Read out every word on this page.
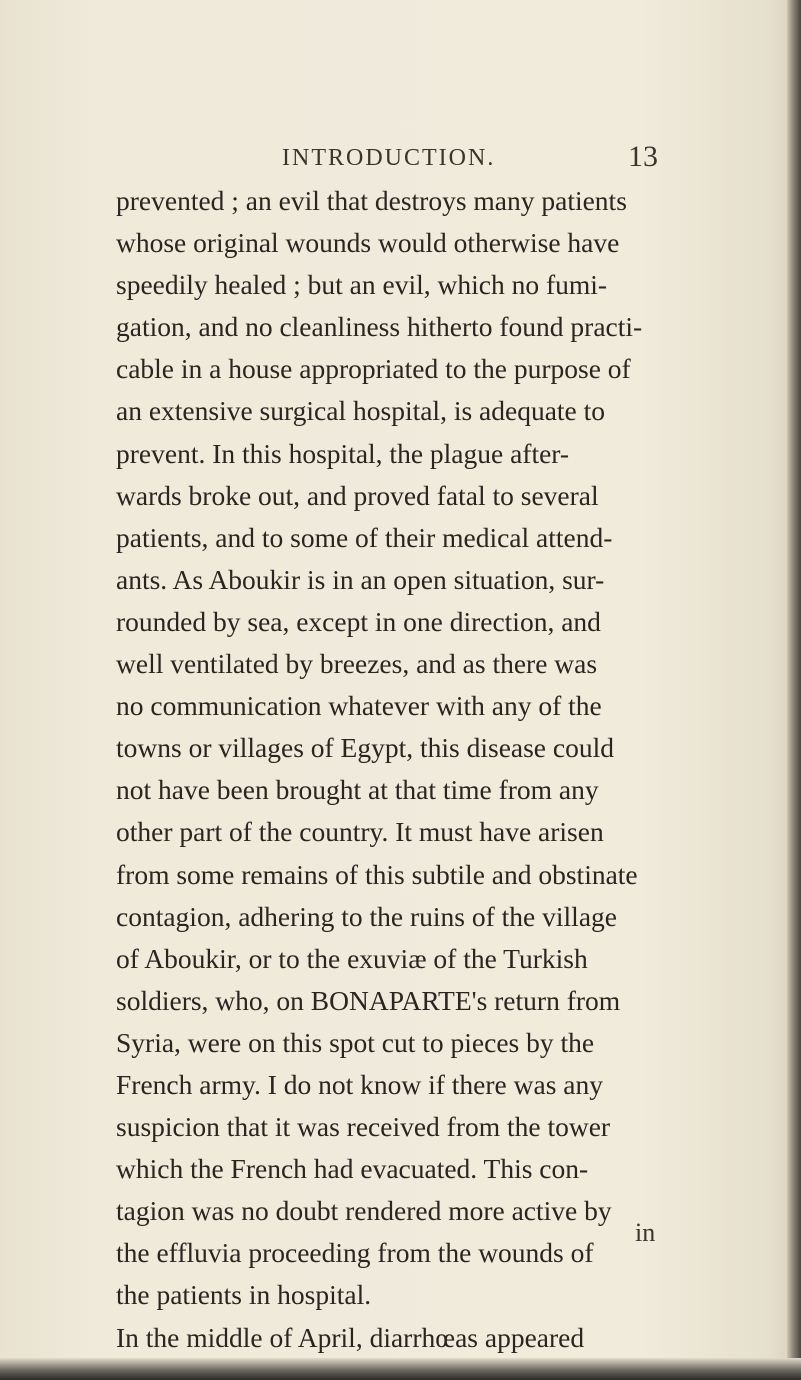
INTRODUCTION.	13
prevented ; an evil that destroys many patients
whose original wounds would otherwise have
speedily healed ; but an evil, which no fumi-
gation, and no cleanliness hitherto found practi-
cable in a house appropriated to the purpose of
an extensive surgical hospital, is adequate to
prevent. In this hospital, the plague after-
wards broke out, and proved fatal to several
patients, and to some of their medical attend-
ants. As Aboukir is in an open situation, sur-
rounded by sea, except in one direction, and
well ventilated by breezes, and as there was
no communication whatever with any of the
towns or villages of Egypt, this disease could
not have been brought at that time from any
other part of the country. It must have arisen
from some remains of this subtile and obstinate
contagion, adhering to the ruins of the village
of Aboukir, or to the exuviæ of the Turkish
soldiers, who, on BONAPARTE's return from
Syria, were on this spot cut to pieces by the
French army. I do not know if there was any
suspicion that it was received from the tower
which the French had evacuated. This con-
tagion was no doubt rendered more active by
the effluvia proceeding from the wounds of
the patients in hospital.
In the middle of April, diarrhœas appeared
in
